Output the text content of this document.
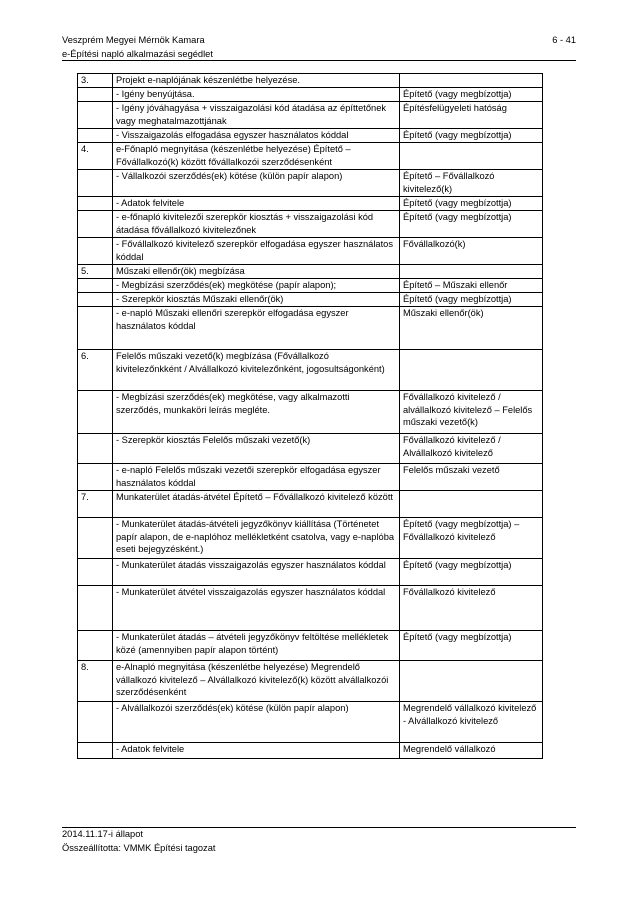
Veszprém Megyei Mérnök Kamara	6 - 41
e-Építési napló alkalmazási segédlet
3.	Projekt e-naplójának készenlétbe helyezése.	
	- Igény benyújtása.	Építető (vagy megbízottja)
	- Igény jóváhagyása + visszaigazolási kód átadása az építtetőnek vagy meghatalmazottjának	Építésfelügyeleti hatóság
	- Visszaigazolás elfogadása egyszer használatos kóddal	Építető (vagy megbízottja)
4.	e-Főnapló megnyitása (készenlétbe helyezése) Építető – Fővállalkozó(k) között fővállalkozói szerződésenként	
	- Vállalkozói szerződés(ek) kötése (külön papír alapon)	Építető – Fővállalkozó kivitelező(k)
	- Adatok felvitele	Építető (vagy megbízottja)
	- e-főnapló kivitelezői szerepkör kiosztás + visszaigazolási kód átadása fővállalkozó kivitelezőnek	Építető (vagy megbízottja)
	- Fővállalkozó kivitelező szerepkör elfogadása egyszer használatos kóddal	Fővállalkozó(k)
5.	Műszaki ellenőr(ök) megbízása	
	- Megbízási szerződés(ek) megkötése (papír alapon);	Építető – Műszaki ellenőr
	- Szerepkör kiosztás Műszaki ellenőr(ök)	Építető (vagy megbízottja)
	- e-napló Műszaki ellenőri szerepkör elfogadása egyszer használatos kóddal	Műszaki ellenőr(ök)
6.	Felelős műszaki vezető(k) megbízása (Fővállalkozó kivitelezőnkként / Alvállalkozó kivitelezőnként, jogosultságonként)	
	- Megbízási szerződés(ek) megkötése, vagy alkalmazotti szerződés, munkaköri leírás megléte.	Fővállalkozó kivitelező / alvállalkozó kivitelező – Felelős műszaki vezető(k)
	- Szerepkör kiosztás Felelős műszaki vezető(k)	Fővállalkozó kivitelező / Alvállalkozó kivitelező
	- e-napló Felelős műszaki vezetői szerepkör elfogadása egyszer használatos kóddal	Felelős műszaki vezető
7.	Munkaterület átadás-átvétel Építető – Fővállalkozó kivitelező között	
	- Munkaterület átadás-átvételi jegyzőkönyv kiállítása (Történetet papír alapon, de e-naplóhoz mellékletként csatolva, vagy e-naplóba eseti bejegyzésként.)	Építető (vagy megbízottja) – Fővállalkozó kivitelező
	- Munkaterület átadás visszaigazolás egyszer használatos kóddal	Építető (vagy megbízottja)
	- Munkaterület átvétel visszaigazolás egyszer használatos kóddal	Fővállalkozó kivitelező
	- Munkaterület átadás – átvételi jegyzőkönyv feltöltése mellékletek közé (amennyiben papír alapon történt)	Építető (vagy megbízottja)
8.	e-Alnapló megnyitása (készenlétbe helyezése) Megrendelő vállalkozó kivitelező – Alvállalkozó kivitelező(k) között alvállalkozói szerződésenként	
	- Alvállalkozói szerződés(ek) kötése (külön papír alapon)	Megrendelő vállalkozó kivitelező - Alvállalkozó kivitelező
	- Adatok felvitele	Megrendelő vállalkozó
2014.11.17-i állapot
Összeállította: VMMK Építési tagozat
